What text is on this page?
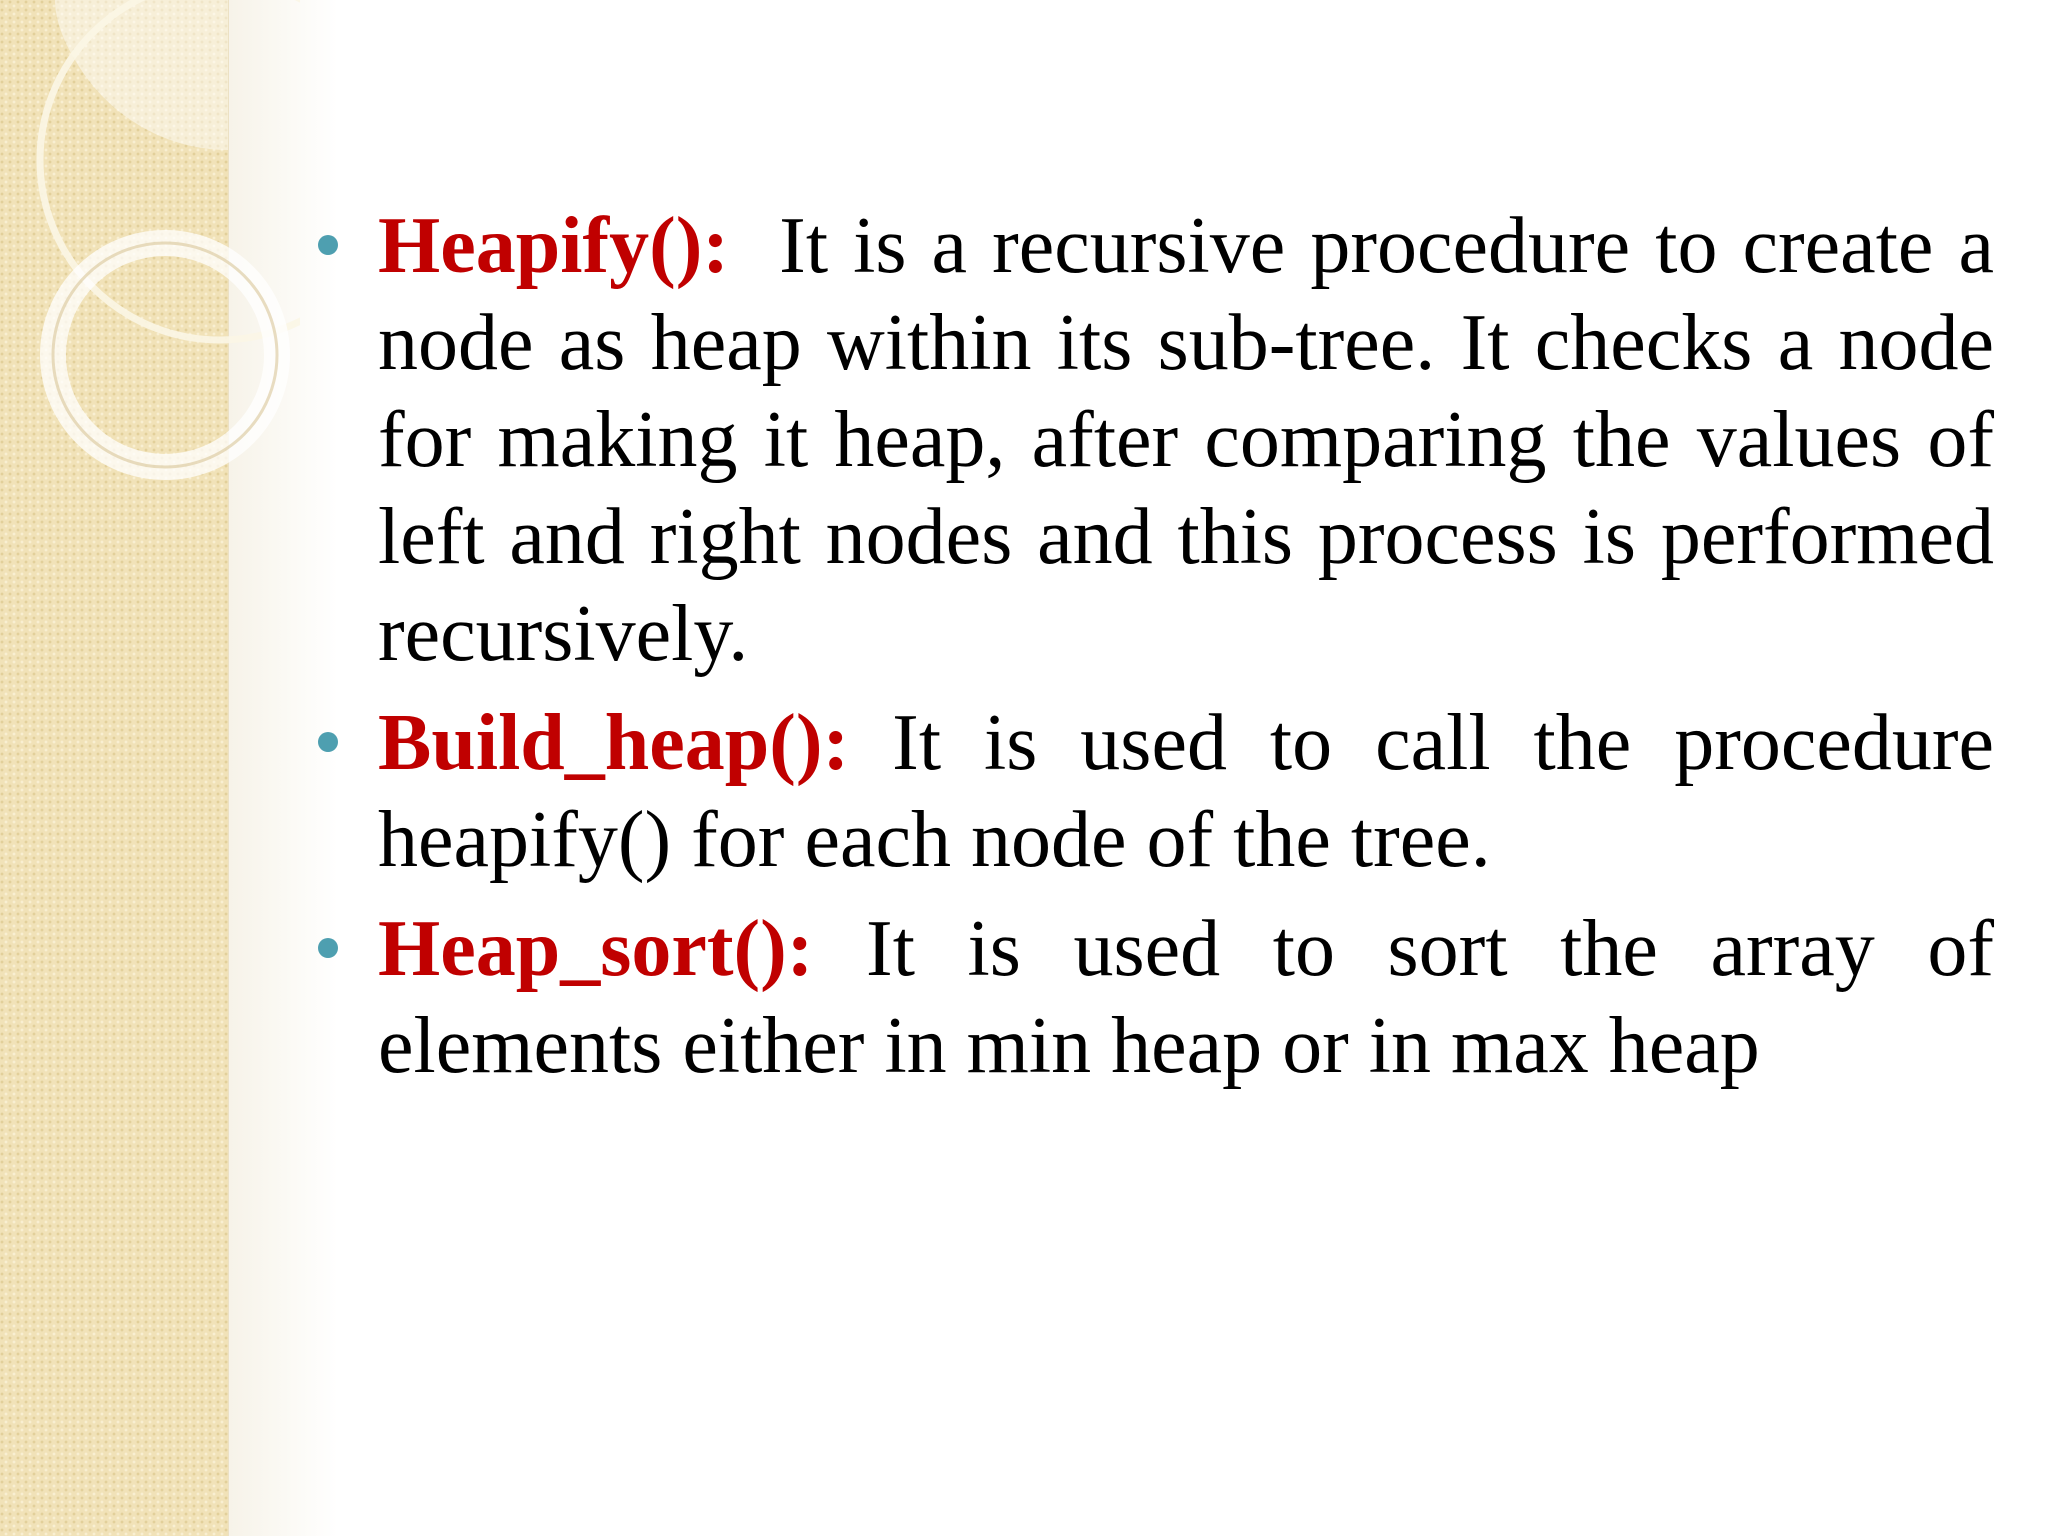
Heapify(): It is a recursive procedure to create a node as heap within its sub-tree. It checks a node for making it heap, after comparing the values of left and right nodes and this process is performed recursively.
Build_heap(): It is used to call the procedure heapify() for each node of the tree.
Heap_sort(): It is used to sort the array of elements either in min heap or in max heap
